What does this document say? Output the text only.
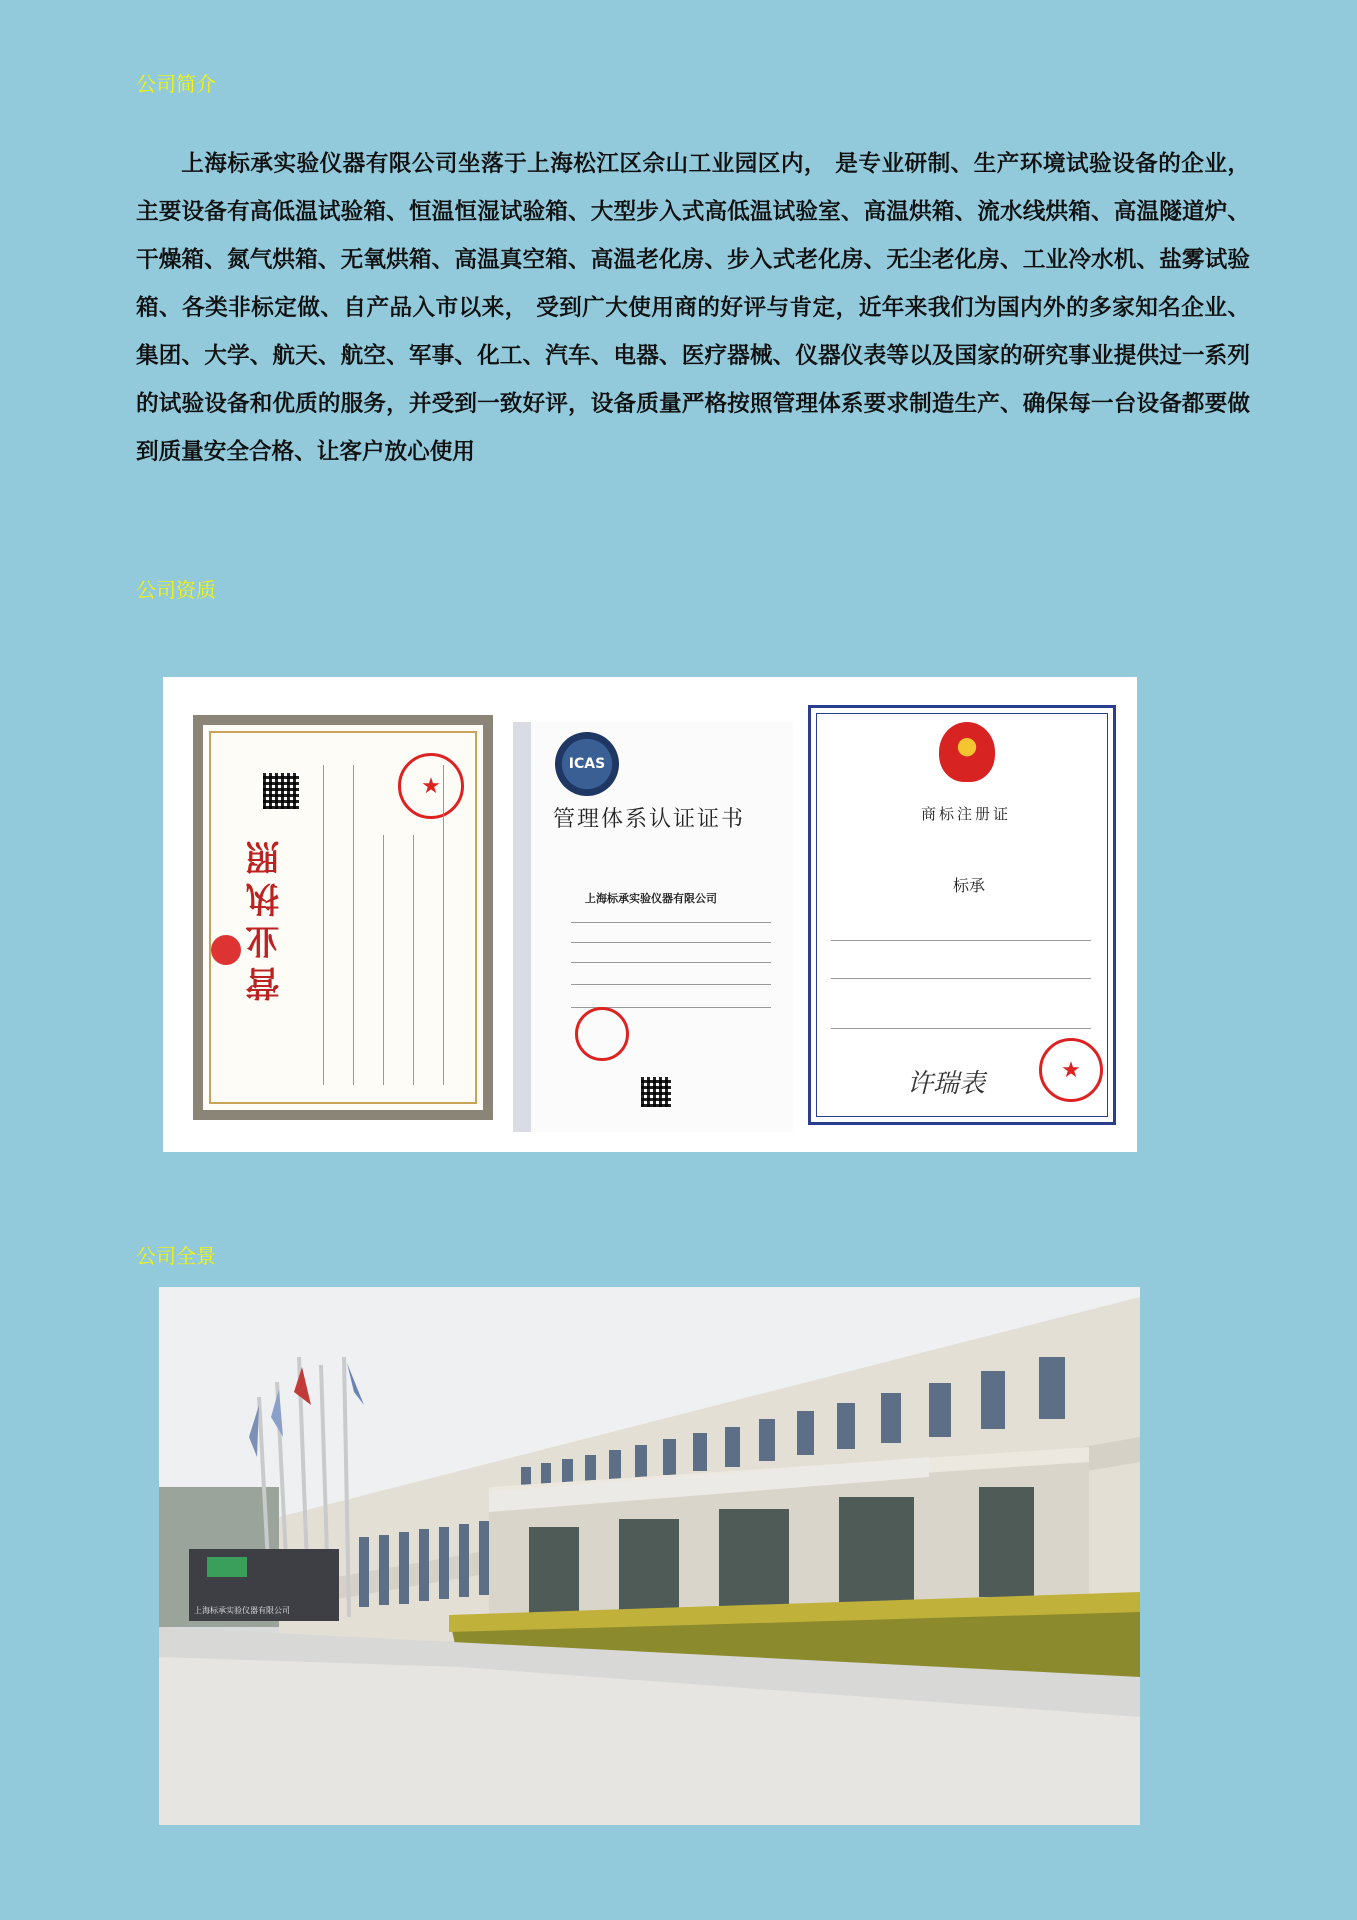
公司简介

上海标承实验仪器有限公司坐落于上海松江区佘山工业园区内， 是专业研制、生产环境试验设备的企业，主要设备有高低温试验箱、恒温恒湿试验箱、大型步入式高低温试验室、高温烘箱、流水线烘箱、高温隧道炉、干燥箱、氮气烘箱、无氧烘箱、高温真空箱、高温老化房、步入式老化房、无尘老化房、工业冷水机、盐雾试验箱、各类非标定做、自产品入市以来， 受到广大使用商的好评与肯定，近年来我们为国内外的多家知名企业、集团、大学、航天、航空、军事、化工、汽车、电器、医疗器械、仪器仪表等以及国家的研究事业提供过一系列的试验设备和优质的服务，并受到一致好评，设备质量严格按照管理体系要求制造生产、确保每一台设备都要做到质量安全合格、让客户放心使用

公司资质
营业执照
★
ICAS
管理体系认证证书
上海标承实验仪器有限公司
商标注册证
标承
许瑞表	★
公司全景
上海标承实验仪器有限公司
